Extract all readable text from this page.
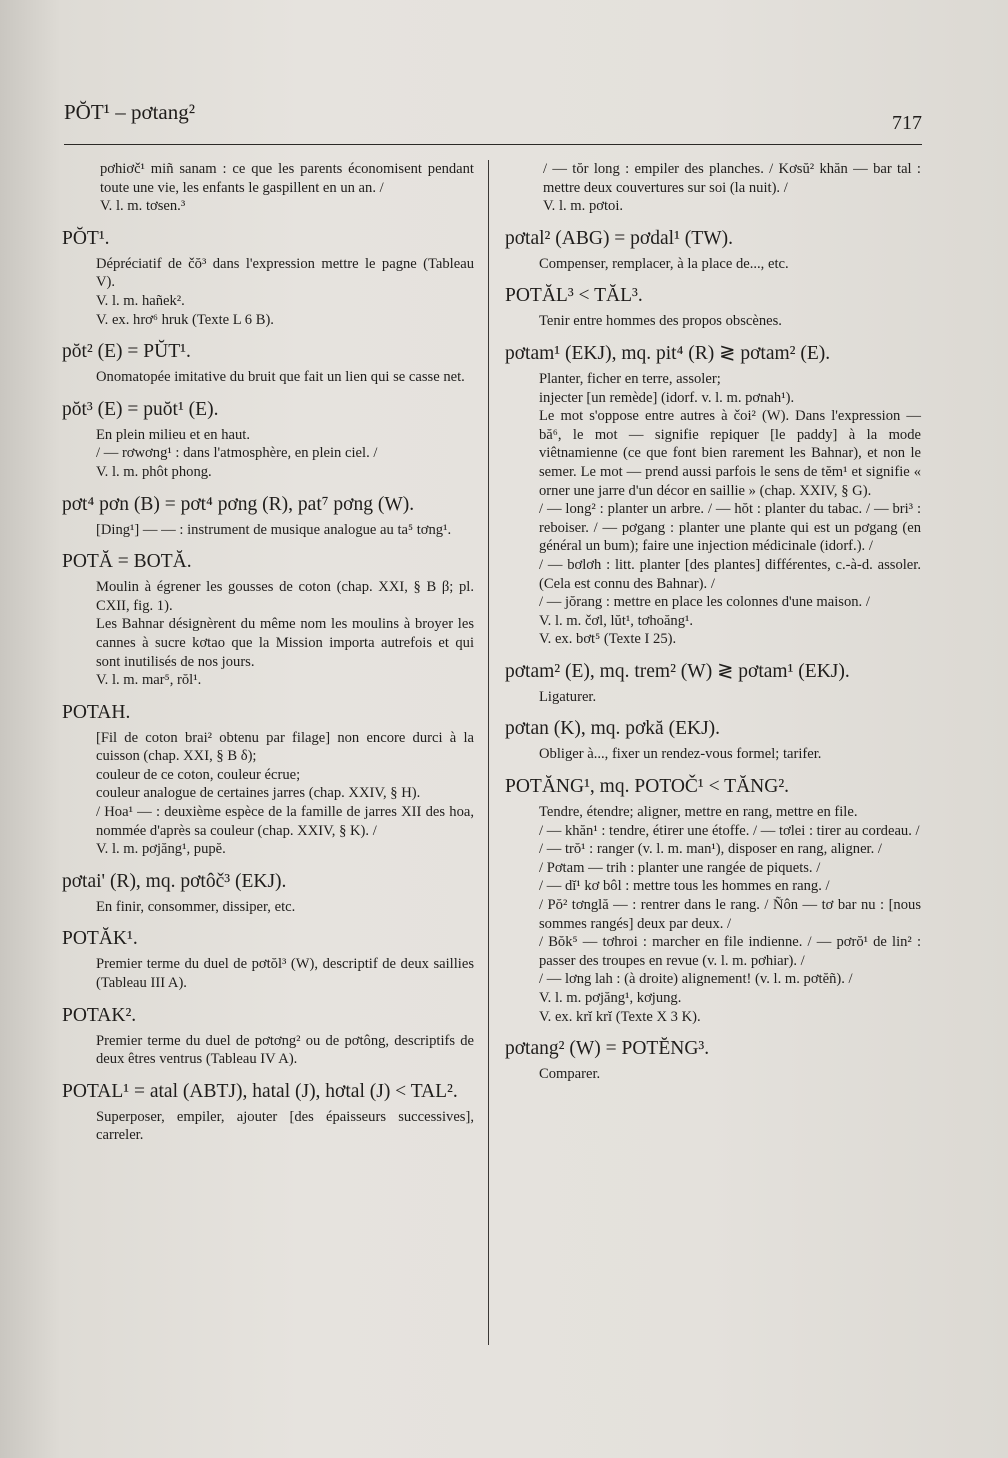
PŎT¹ – pơtang²	717

pơhiơč¹ miñ sanam : ce que les parents économisent pendant toute une vie, les enfants le gaspillent en un an. /

V. l. m. tơsen.³

PŎT¹.

Dépréciatif de čŏ³ dans l'expression mettre le pagne (Tableau V).

V. l. m. hañek².

V. ex. hrơ⁶ hruk (Texte L 6 B).

pŏt² (E) = PŬT¹.

Onomatopée imitative du bruit que fait un lien qui se casse net.

pŏt³ (E) = puŏt¹ (E).

En plein milieu et en haut.

/ — rơwơng¹ : dans l'atmosphère, en plein ciel. /

V. l. m. phôt phong.

pơt⁴ pơn (B) = pơt⁴ pơng (R), pat⁷ pơng (W).

[Ding¹] — — : instrument de musique analogue au ta⁵ tơng¹.

POTĂ = BOTĂ.

Moulin à égrener les gousses de coton (chap. XXI, § B β; pl. CXII, fig. 1).

Les Bahnar désignèrent du même nom les moulins à broyer les cannes à sucre kơtao que la Mission importa autrefois et qui sont inutilisés de nos jours.

V. l. m. mar⁵, rŏl¹.

POTAH.

[Fil de coton brai² obtenu par filage] non encore durci à la cuisson (chap. XXI, § B δ);

couleur de ce coton, couleur écrue;

couleur analogue de certaines jarres (chap. XXIV, § H).

/ Hoa¹ — : deuxième espèce de la famille de jarres XII des hoa, nommée d'après sa couleur (chap. XXIV, § K). /

V. l. m. pơjăng¹, pupĕ.

pơtai' (R), mq. pơtôč³ (EKJ).

En finir, consommer, dissiper, etc.

POTĂK¹.

Premier terme du duel de pơtŏl³ (W), descriptif de deux saillies (Tableau III A).

POTAK².

Premier terme du duel de pơtơng² ou de pơtông, descriptifs de deux êtres ventrus (Tableau IV A).

POTAL¹ = atal (ABTJ), hatal (J), hơtal (J) < TAL².

Superposer, empiler, ajouter [des épaisseurs successives], carreler.

/ — tŏr long : empiler des planches. / Kơsŭ² khăn — bar tal : mettre deux couvertures sur soi (la nuit). /

V. l. m. pơtoi.

pơtal² (ABG) = pơdal¹ (TW).

Compenser, remplacer, à la place de..., etc.

POTĂL³ < TĂL³.

Tenir entre hommes des propos obscènes.

pơtam¹ (EKJ), mq. pit⁴ (R) ≷ pơtam² (E).

Planter, ficher en terre, assoler;

injecter [un remède] (idorf. v. l. m. pơnah¹).

Le mot s'oppose entre autres à čoi² (W). Dans l'expression — bă⁶, le mot — signifie repiquer [le paddy] à la mode viêtnamienne (ce que font bien rarement les Bahnar), et non le semer. Le mot — prend aussi parfois le sens de tĕm¹ et signifie « orner une jarre d'un décor en saillie » (chap. XXIV, § G).

/ — long² : planter un arbre. / — hŏt : planter du tabac. / — bri³ : reboiser. / — pơgang : planter une plante qui est un pơgang (en général un bum); faire une injection médicinale (idorf.). /

/ — bơlơh : litt. planter [des plantes] différentes, c.-à-d. assoler. (Cela est connu des Bahnar). /

/ — jŏrang : mettre en place les colonnes d'une maison. /

V. l. m. čơl, lŭt¹, tơhoăng¹.

V. ex. bơt⁵ (Texte I 25).

pơtam² (E), mq. trem² (W) ≷ pơtam¹ (EKJ).

Ligaturer.

pơtan (K), mq. pơkă (EKJ).

Obliger à..., fixer un rendez-vous formel; tarifer.

POTĂNG¹, mq. POTOČ¹ < TĂNG².

Tendre, étendre; aligner, mettre en rang, mettre en file.

/ — khăn¹ : tendre, étirer une étoffe. / — tơlei : tirer au cordeau. /

/ — trŏ¹ : ranger (v. l. m. man¹), disposer en rang, aligner. /

/ Pơtam — trih : planter une rangée de piquets. /

/ — dĭ¹ kơ bôl : mettre tous les hommes en rang. /

/ Pŏ² tơnglă — : rentrer dans le rang. / Ñôn — tơ bar nu : [nous sommes rangés] deux par deux. /

/ Bŏk⁵ — tơhroi : marcher en file indienne. / — pơrŏ¹ de lin² : passer des troupes en revue (v. l. m. pơhiar). /

/ — lơng lah : (à droite) alignement! (v. l. m. pơtĕñ). /

V. l. m. pơjăng¹, kơjung.

V. ex. krĭ krĭ (Texte X 3 K).

pơtang² (W) = POTĔNG³.

Comparer.
